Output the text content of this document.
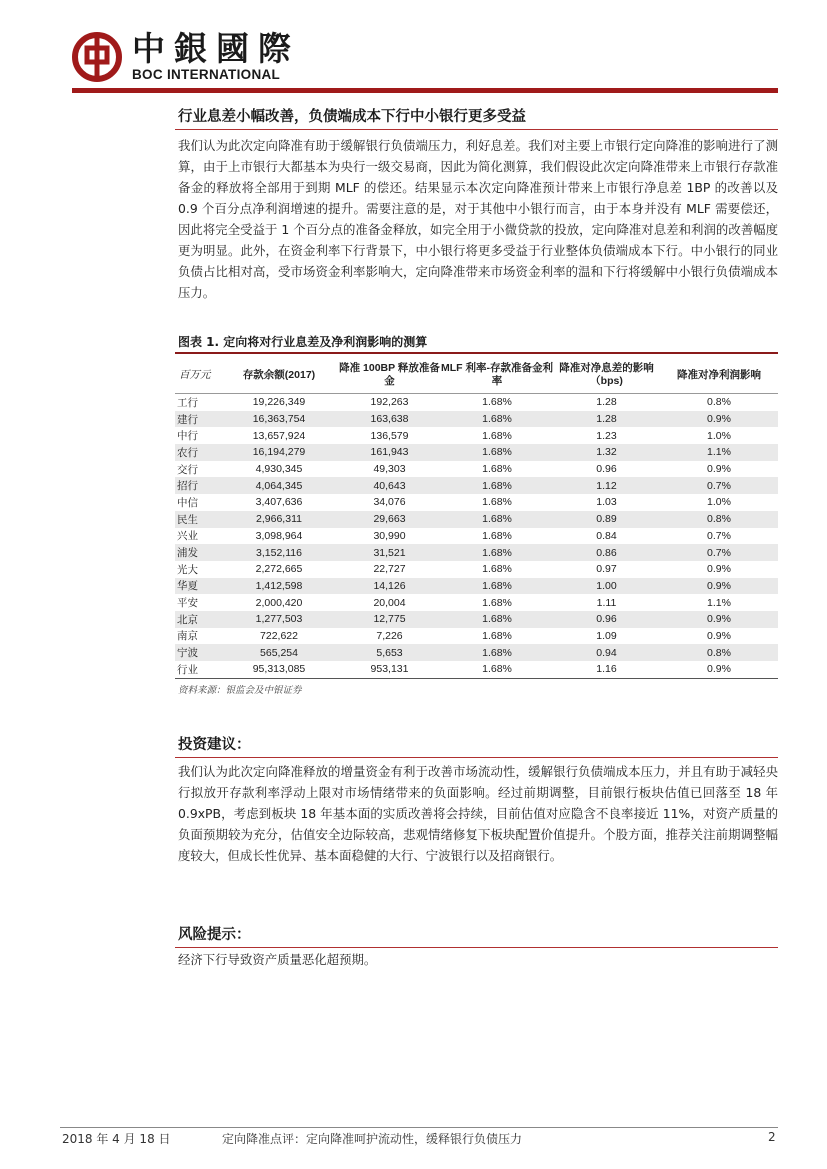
中銀國際
BOC INTERNATIONAL
行业息差小幅改善，负债端成本下行中小银行更多受益

我们认为此次定向降准有助于缓解银行负债端压力，利好息差。我们对主要上市银行定向降准的影响进行了测算，由于上市银行大都基本为央行一级交易商，因此为简化测算，我们假设此次定向降准带来上市银行存款准备金的释放将全部用于到期 MLF 的偿还。结果显示本次定向降准预计带来上市银行净息差 1BP 的改善以及 0.9 个百分点净利润增速的提升。需要注意的是，对于其他中小银行而言，由于本身并没有 MLF 需要偿还，因此将完全受益于 1 个百分点的准备金释放，如完全用于小微贷款的投放，定向降准对息差和利润的改善幅度更为明显。此外，在资金利率下行背景下，中小银行将更多受益于行业整体负债端成本下行。中小银行的同业负债占比相对高，受市场资金利率影响大，定向降准带来市场资金利率的温和下行将缓解中小银行负债端成本压力。

图表 1. 定向将对行业息差及净利润影响的测算
百万元	存款余额(2017)	降准 100BP 释放准备金	MLF 利率-存款准备金利率	降准对净息差的影响（bps)	降准对净利润影响
工行	19,226,349	192,263	1.68%	1.28	0.8%
建行	16,363,754	163,638	1.68%	1.28	0.9%
中行	13,657,924	136,579	1.68%	1.23	1.0%
农行	16,194,279	161,943	1.68%	1.32	1.1%
交行	4,930,345	49,303	1.68%	0.96	0.9%
招行	4,064,345	40,643	1.68%	1.12	0.7%
中信	3,407,636	34,076	1.68%	1.03	1.0%
民生	2,966,311	29,663	1.68%	0.89	0.8%
兴业	3,098,964	30,990	1.68%	0.84	0.7%
浦发	3,152,116	31,521	1.68%	0.86	0.7%
光大	2,272,665	22,727	1.68%	0.97	0.9%
华夏	1,412,598	14,126	1.68%	1.00	0.9%
平安	2,000,420	20,004	1.68%	1.11	1.1%
北京	1,277,503	12,775	1.68%	0.96	0.9%
南京	722,622	7,226	1.68%	1.09	0.9%
宁波	565,254	5,653	1.68%	0.94	0.8%
行业	95,313,085	953,131	1.68%	1.16	0.9%
资料来源：银监会及中银证券
投资建议：

我们认为此次定向降准释放的增量资金有利于改善市场流动性，缓解银行负债端成本压力，并且有助于减轻央行拟放开存款利率浮动上限对市场情绪带来的负面影响。经过前期调整，目前银行板块估值已回落至 18 年 0.9xPB，考虑到板块 18 年基本面的实质改善将会持续，目前估值对应隐含不良率接近 11%，对资产质量的负面预期较为充分，估值安全边际较高，悲观情绪修复下板块配置价值提升。个股方面，推荐关注前期调整幅度较大，但成长性优异、基本面稳健的大行、宁波银行以及招商银行。

风险提示：

经济下行导致资产质量恶化超预期。

2018 年 4 月 18 日	定向降准点评：定向降准呵护流动性，缓释银行负债压力	2
